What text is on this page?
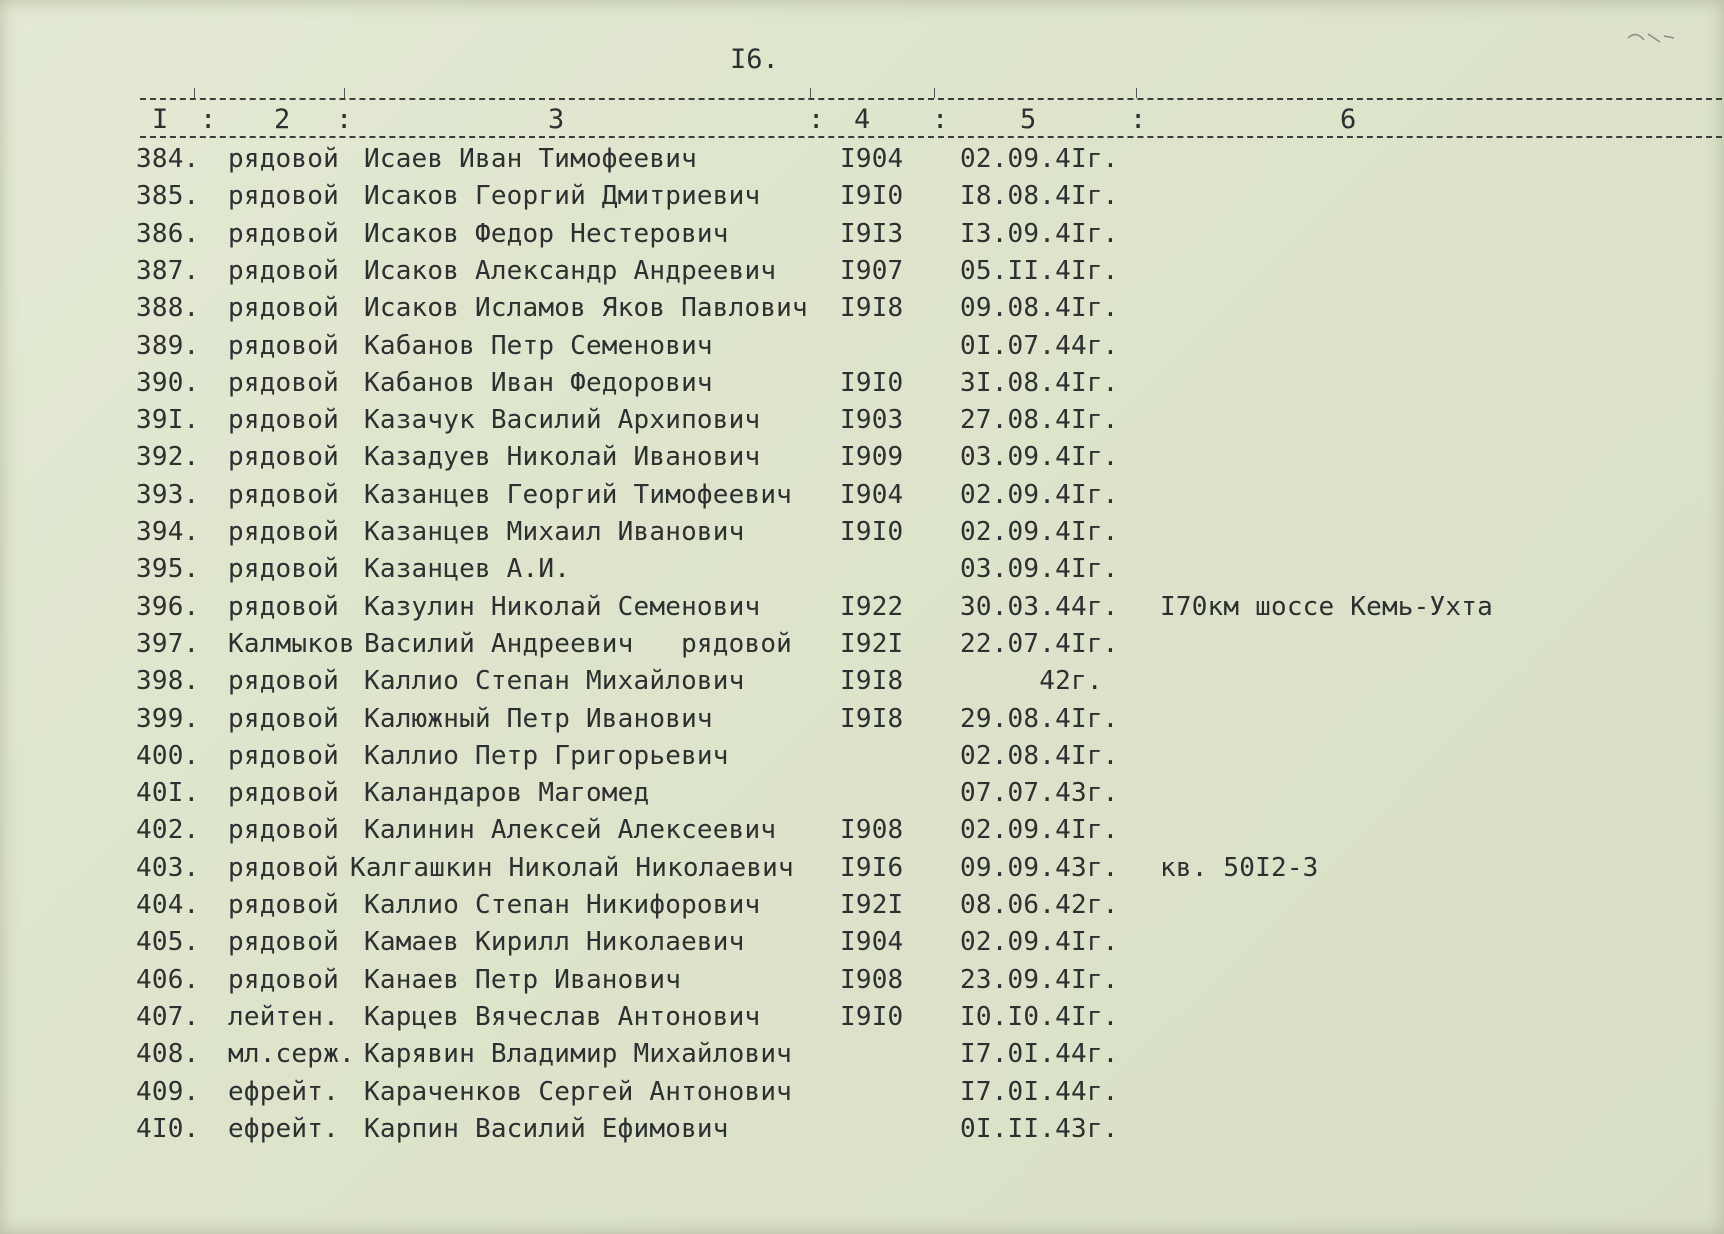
I6.
I : 2 :	3	: 4 :	5	:	6
384. рядовой Исаев Иван Тимофеевич	I904 02.09.4Iг.
385. рядовой Исаков Георгий Дмитриевич	I9I0 I8.08.4Iг.
386. рядовой Исаков Федор Нестерович	I9I3 I3.09.4Iг.
387. рядовой Исаков Александр Андреевич I907 05.II.4Iг.
388. рядовой Исаков Исламов Яков Павлович I9I8 09.08.4Iг.
389. рядовой Кабанов Петр Семенович	0I.07.44г.
390. рядовой Кабанов Иван Федорович	I9I0 3I.08.4Iг.
39I. рядовой Казачук Василий Архипович	I903 27.08.4Iг.
392. рядовой Казадуев Николай Иванович	I909 03.09.4Iг.
393. рядовой Казанцев Георгий Тимофеевич I904 02.09.4Iг.
394. рядовой Казанцев Михаил Иванович	I9I0 02.09.4Iг.
395. рядовой Казанцев А.И.	03.09.4Iг.
396. рядовой Казулин Николай Семенович	I922 30.03.44г. I70км шоссе Кемь-Ухта
397. Калмыков Василий Андреевич   рядовой I92I 22.07.4Iг.
398. рядовой Каллио Степан Михайлович	I9I8 42г.
399. рядовой Калюжный Петр Иванович	I9I8 29.08.4Iг.
400. рядовой Каллио Петр Григорьевич	02.08.4Iг.
40I. рядовой Каландаров Магомед	07.07.43г.
402. рядовой Калинин Алексей Алексеевич I908 02.09.4Iг.
403. рядовой Калгашкин Николай Николаевич I9I6 09.09.43г. кв. 50I2-3
404. рядовой Каллио Степан Никифорович	I92I 08.06.42г.
405. рядовой Камаев Кирилл Николаевич	I904 02.09.4Iг.
406. рядовой Канаев Петр Иванович	I908 23.09.4Iг.
407. лейтен. Карцев Вячеслав Антонович	I9I0 I0.I0.4Iг.
408. мл.серж. Карявин Владимир Михайлович	I7.0I.44г.
409. ефрейт. Караченков Сергей Антонович	I7.0I.44г.
4I0. ефрейт. Карпин Василий Ефимович	0I.II.43г.
